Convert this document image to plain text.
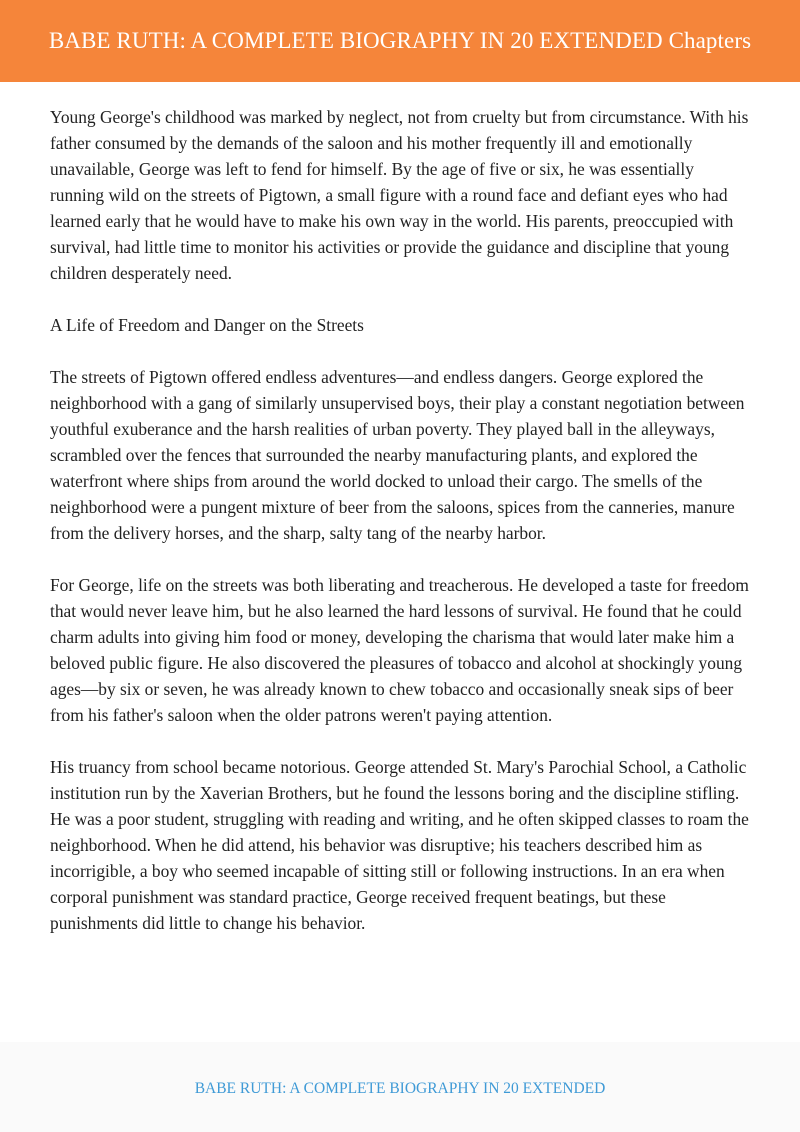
BABE RUTH: A COMPLETE BIOGRAPHY IN 20 EXTENDED Chapters

Young George's childhood was marked by neglect, not from cruelty but from circumstance. With his father consumed by the demands of the saloon and his mother frequently ill and emotionally unavailable, George was left to fend for himself. By the age of five or six, he was essentially running wild on the streets of Pigtown, a small figure with a round face and defiant eyes who had learned early that he would have to make his own way in the world. His parents, preoccupied with survival, had little time to monitor his activities or provide the guidance and discipline that young children desperately need.

A Life of Freedom and Danger on the Streets

The streets of Pigtown offered endless adventures—and endless dangers. George explored the neighborhood with a gang of similarly unsupervised boys, their play a constant negotiation between youthful exuberance and the harsh realities of urban poverty. They played ball in the alleyways, scrambled over the fences that surrounded the nearby manufacturing plants, and explored the waterfront where ships from around the world docked to unload their cargo. The smells of the neighborhood were a pungent mixture of beer from the saloons, spices from the canneries, manure from the delivery horses, and the sharp, salty tang of the nearby harbor.

For George, life on the streets was both liberating and treacherous. He developed a taste for freedom that would never leave him, but he also learned the hard lessons of survival. He found that he could charm adults into giving him food or money, developing the charisma that would later make him a beloved public figure. He also discovered the pleasures of tobacco and alcohol at shockingly young ages—by six or seven, he was already known to chew tobacco and occasionally sneak sips of beer from his father's saloon when the older patrons weren't paying attention.

His truancy from school became notorious. George attended St. Mary's Parochial School, a Catholic institution run by the Xaverian Brothers, but he found the lessons boring and the discipline stifling. He was a poor student, struggling with reading and writing, and he often skipped classes to roam the neighborhood. When he did attend, his behavior was disruptive; his teachers described him as incorrigible, a boy who seemed incapable of sitting still or following instructions. In an era when corporal punishment was standard practice, George received frequent beatings, but these punishments did little to change his behavior.

BABE RUTH: A COMPLETE BIOGRAPHY IN 20 EXTENDED
